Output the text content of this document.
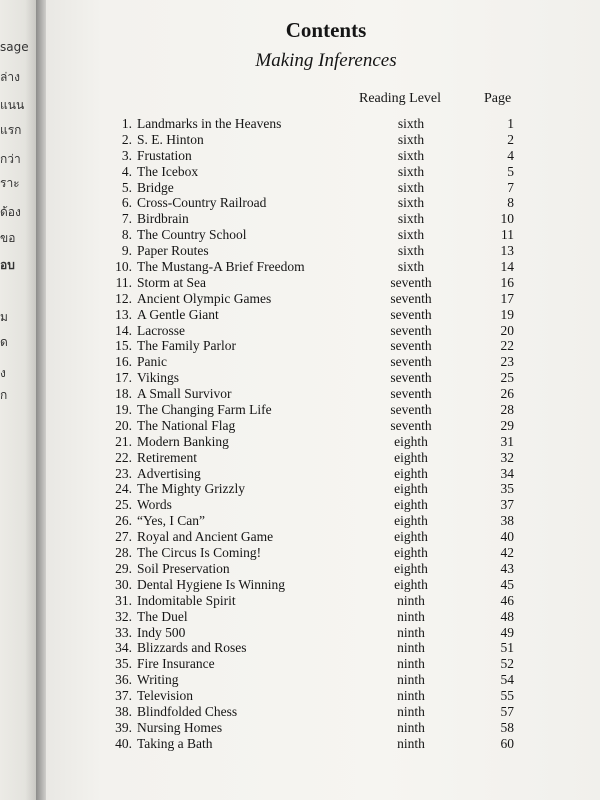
sage
ล่าง
แนน
แรก
กว่า
ราะ
ด้อง
ขอ
อบ
ม
ด
ง
ก
Contents
Making Inferences
Reading Level	Page
1. Landmarks in the Heavens	sixth	1
2. S. E. Hinton	sixth	2
3. Frustation	sixth	4
4. The Icebox	sixth	5
5. Bridge	sixth	7
6. Cross-Country Railroad	sixth	8
7. Birdbrain	sixth	10
8. The Country School	sixth	11
9. Paper Routes	sixth	13
10. The Mustang-A Brief Freedom	sixth	14
11. Storm at Sea	seventh	16
12. Ancient Olympic Games	seventh	17
13. A Gentle Giant	seventh	19
14. Lacrosse	seventh	20
15. The Family Parlor	seventh	22
16. Panic	seventh	23
17. Vikings	seventh	25
18. A Small Survivor	seventh	26
19. The Changing Farm Life	seventh	28
20. The National Flag	seventh	29
21. Modern Banking	eighth	31
22. Retirement	eighth	32
23. Advertising	eighth	34
24. The Mighty Grizzly	eighth	35
25. Words	eighth	37
26. “Yes, I Can”	eighth	38
27. Royal and Ancient Game	eighth	40
28. The Circus Is Coming!	eighth	42
29. Soil Preservation	eighth	43
30. Dental Hygiene Is Winning	eighth	45
31. Indomitable Spirit	ninth	46
32. The Duel	ninth	48
33. Indy 500	ninth	49
34. Blizzards and Roses	ninth	51
35. Fire Insurance	ninth	52
36. Writing	ninth	54
37. Television	ninth	55
38. Blindfolded Chess	ninth	57
39. Nursing Homes	ninth	58
40. Taking a Bath	ninth	60
